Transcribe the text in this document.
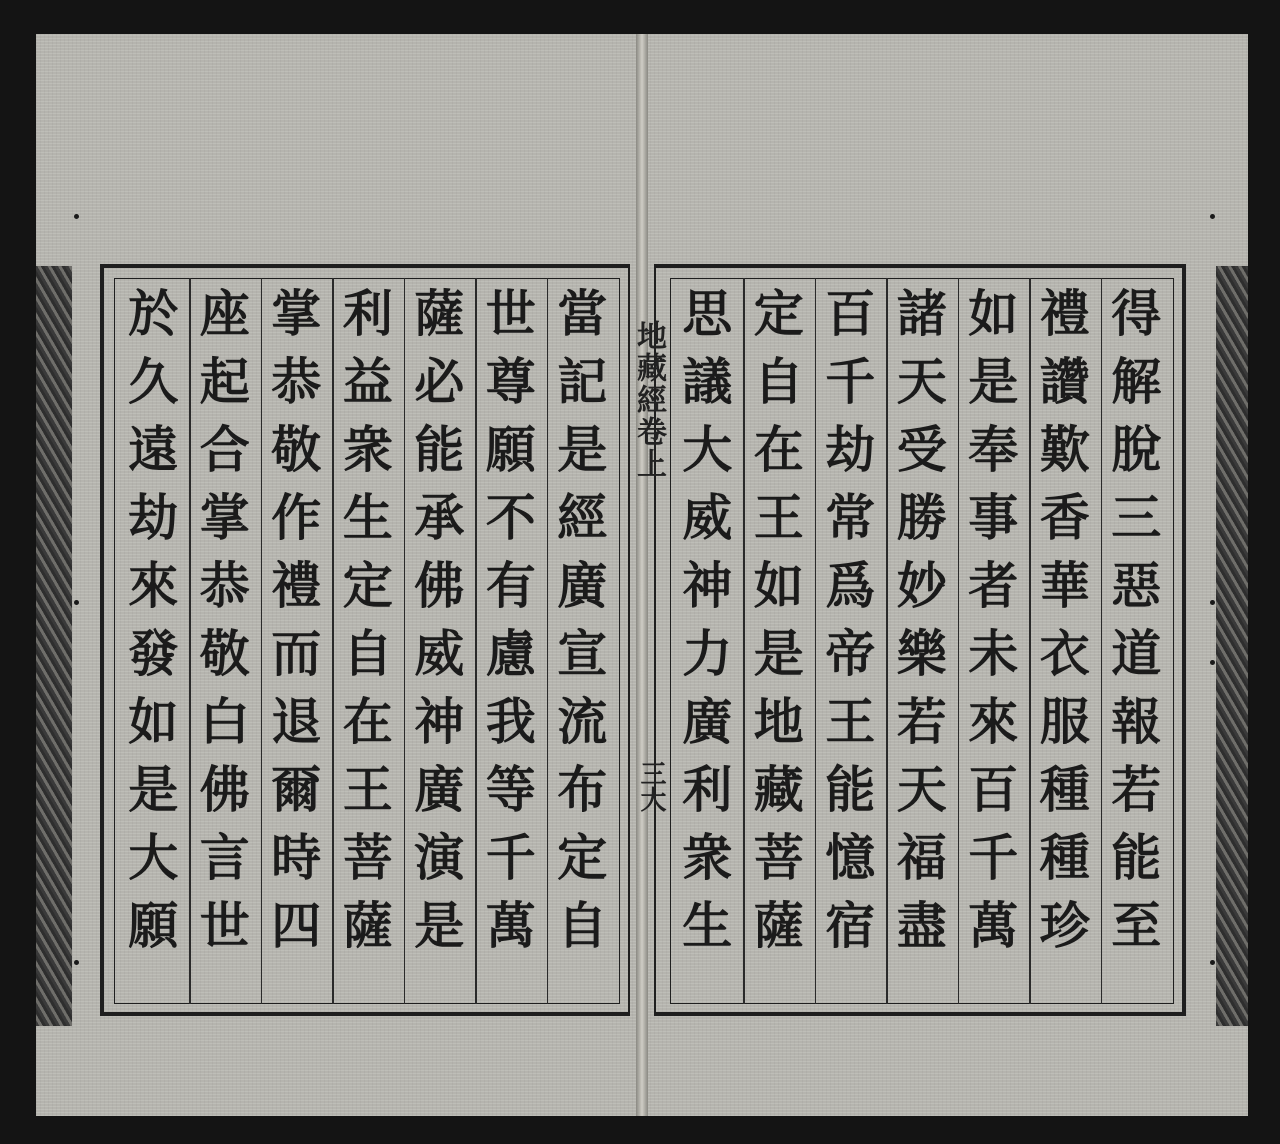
地藏經卷上
三大
得
解
脫
三
惡
道
報
若
能
至
禮
讚
歎
香
華
衣
服
種
種
珍
如
是
奉
事
者
未
來
百
千
萬
諸
天
受
勝
妙
樂
若
天
福
盡
百
千
劫
常
爲
帝
王
能
憶
宿
定
自
在
王
如
是
地
藏
菩
薩
思
議
大
威
神
力
廣
利
衆
生
當
記
是
經
廣
宣
流
布
定
自
世
尊
願
不
有
慮
我
等
千
萬
薩
必
能
承
佛
威
神
廣
演
是
利
益
衆
生
定
自
在
王
菩
薩
掌
恭
敬
作
禮
而
退
爾
時
四
座
起
合
掌
恭
敬
白
佛
言
世
於
久
遠
劫
來
發
如
是
大
願
